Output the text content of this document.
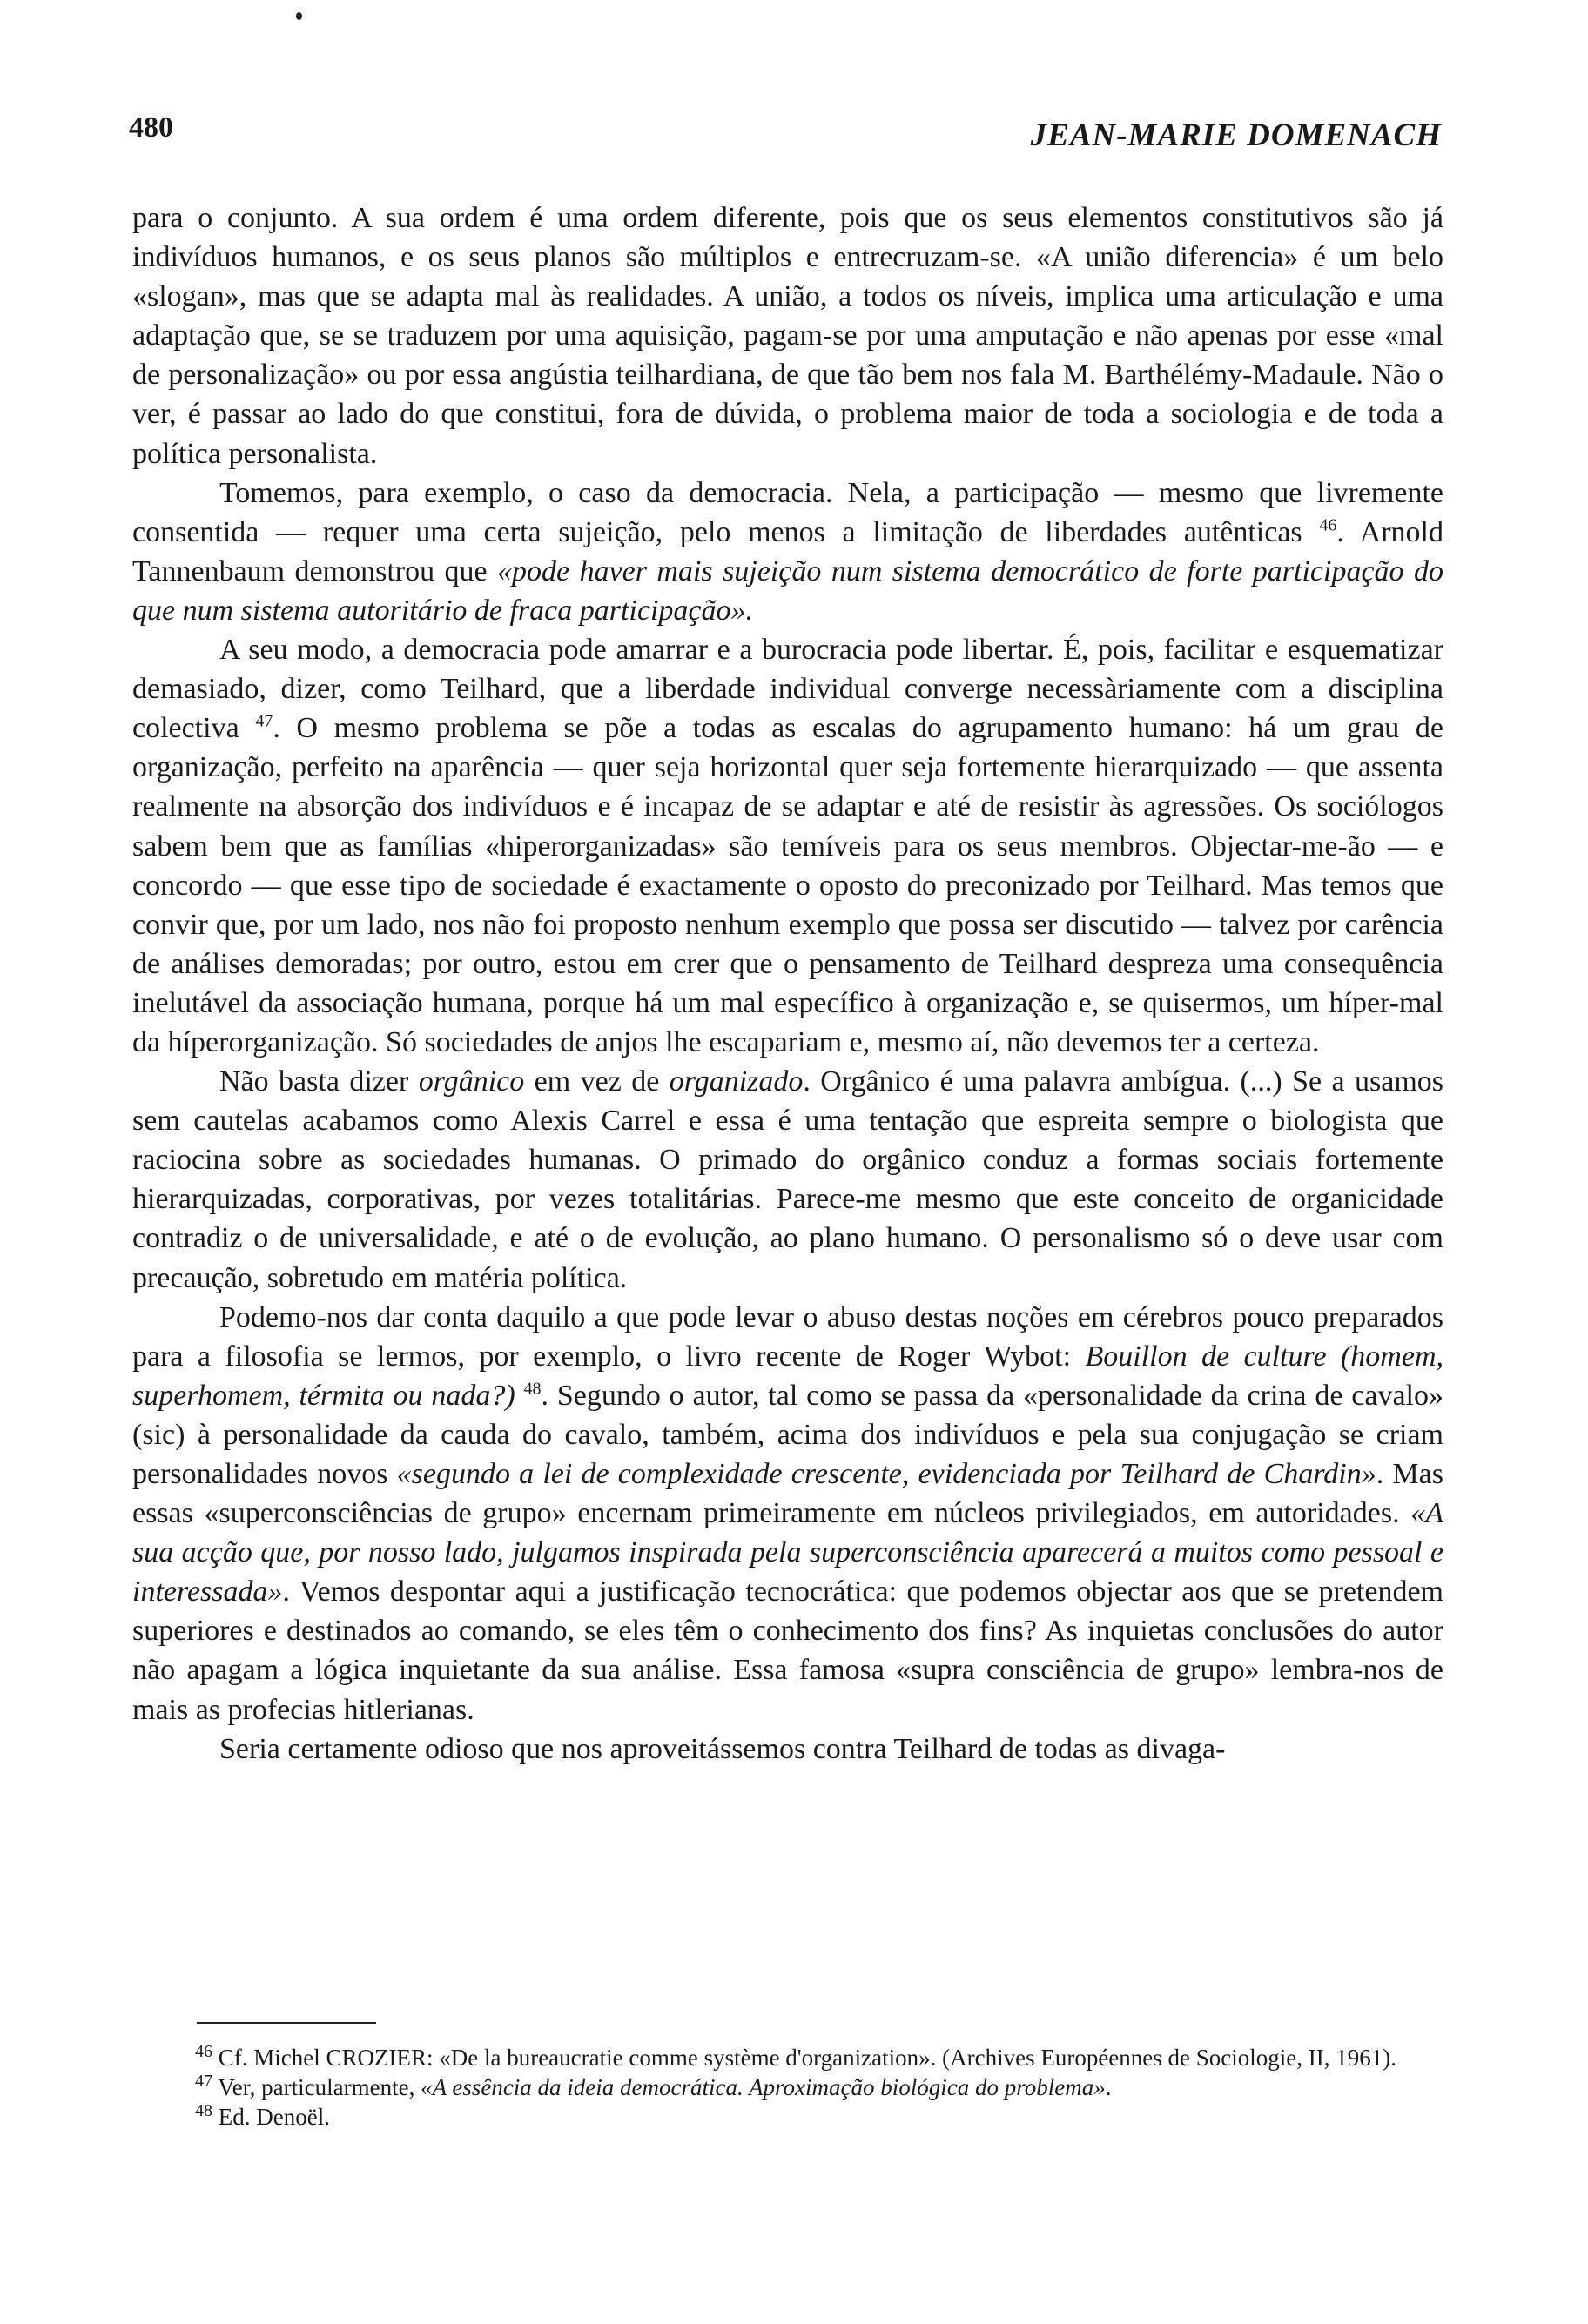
480	JEAN-MARIE DOMENACH

para o conjunto. A sua ordem é uma ordem diferente, pois que os seus elementos constitutivos são já indivíduos humanos, e os seus planos são múltiplos e entrecruzam-se. «A união diferencia» é um belo «slogan», mas que se adapta mal às realidades. A união, a todos os níveis, implica uma articulação e uma adaptação que, se se traduzem por uma aquisição, pagam-se por uma amputação e não apenas por esse «mal de personalização» ou por essa angústia teilhardiana, de que tão bem nos fala M. Barthélémy-Madaule. Não o ver, é passar ao lado do que constitui, fora de dúvida, o problema maior de toda a sociologia e de toda a política personalista.

Tomemos, para exemplo, o caso da democracia. Nela, a participação — mesmo que livremente consentida — requer uma certa sujeição, pelo menos a limitação de liberdades autênticas $^{46}$. Arnold Tannenbaum demonstrou que «pode haver mais sujeição num sistema democrático de forte participação do que num sistema autoritário de fraca participação».

A seu modo, a democracia pode amarrar e a burocracia pode libertar. É, pois, facilitar e esquematizar demasiado, dizer, como Teilhard, que a liberdade individual converge necessàriamente com a disciplina colectiva $^{47}$. O mesmo problema se põe a todas as escalas do agrupamento humano: há um grau de organização, perfeito na aparência — quer seja horizontal quer seja fortemente hierarquizado — que assenta realmente na absorção dos indivíduos e é incapaz de se adaptar e até de resistir às agressões. Os sociólogos sabem bem que as famílias «hiperorganizadas» são temíveis para os seus membros. Objectar-me-ão — e concordo — que esse tipo de sociedade é exactamente o oposto do preconizado por Teilhard. Mas temos que convir que, por um lado, nos não foi proposto nenhum exemplo que possa ser discutido — talvez por carência de análises demoradas; por outro, estou em crer que o pensamento de Teilhard despreza uma consequência inelutável da associação humana, porque há um mal específico à organização e, se quisermos, um híper-mal da híperorganização. Só sociedades de anjos lhe escapariam e, mesmo aí, não devemos ter a certeza.

Não basta dizer orgânico em vez de organizado. Orgânico é uma palavra ambígua. (...) Se a usamos sem cautelas acabamos como Alexis Carrel e essa é uma tentação que espreita sempre o biologista que raciocina sobre as sociedades humanas. O primado do orgânico conduz a formas sociais fortemente hierarquizadas, corporativas, por vezes totalitárias. Parece-me mesmo que este conceito de organicidade contradiz o de universalidade, e até o de evolução, ao plano humano. O personalismo só o deve usar com precaução, sobretudo em matéria política.

Podemo-nos dar conta daquilo a que pode levar o abuso destas noções em cérebros pouco preparados para a filosofia se lermos, por exemplo, o livro recente de Roger Wybot: Bouillon de culture (homem, superhomem, térmita ou nada?) $^{48}$. Segundo o autor, tal como se passa da «personalidade da crina de cavalo» (sic) à personalidade da cauda do cavalo, também, acima dos indivíduos e pela sua conjugação se criam personalidades novos «segundo a lei de complexidade crescente, evidenciada por Teilhard de Chardin». Mas essas «superconsciências de grupo» encernam primeiramente em núcleos privilegiados, em autoridades. «A sua acção que, por nosso lado, julgamos inspirada pela superconsciência aparecerá a muitos como pessoal e interessada». Vemos despontar aqui a justificação tecnocrática: que podemos objectar aos que se pretendem superiores e destinados ao comando, se eles têm o conhecimento dos fins? As inquietas conclusões do autor não apagam a lógica inquietante da sua análise. Essa famosa «supra consciência de grupo» lembra-nos de mais as profecias hitlerianas.

Seria certamente odioso que nos aproveitássemos contra Teilhard de todas as divaga-

$^{46}$ Cf. Michel CROZIER: «De la bureaucratie comme système d'organization». (Archives Européennes de Sociologie, II, 1961).

$^{47}$ Ver, particularmente, «A essência da ideia democrática. Aproximação biológica do problema».

$^{48}$ Ed. Denoël.
